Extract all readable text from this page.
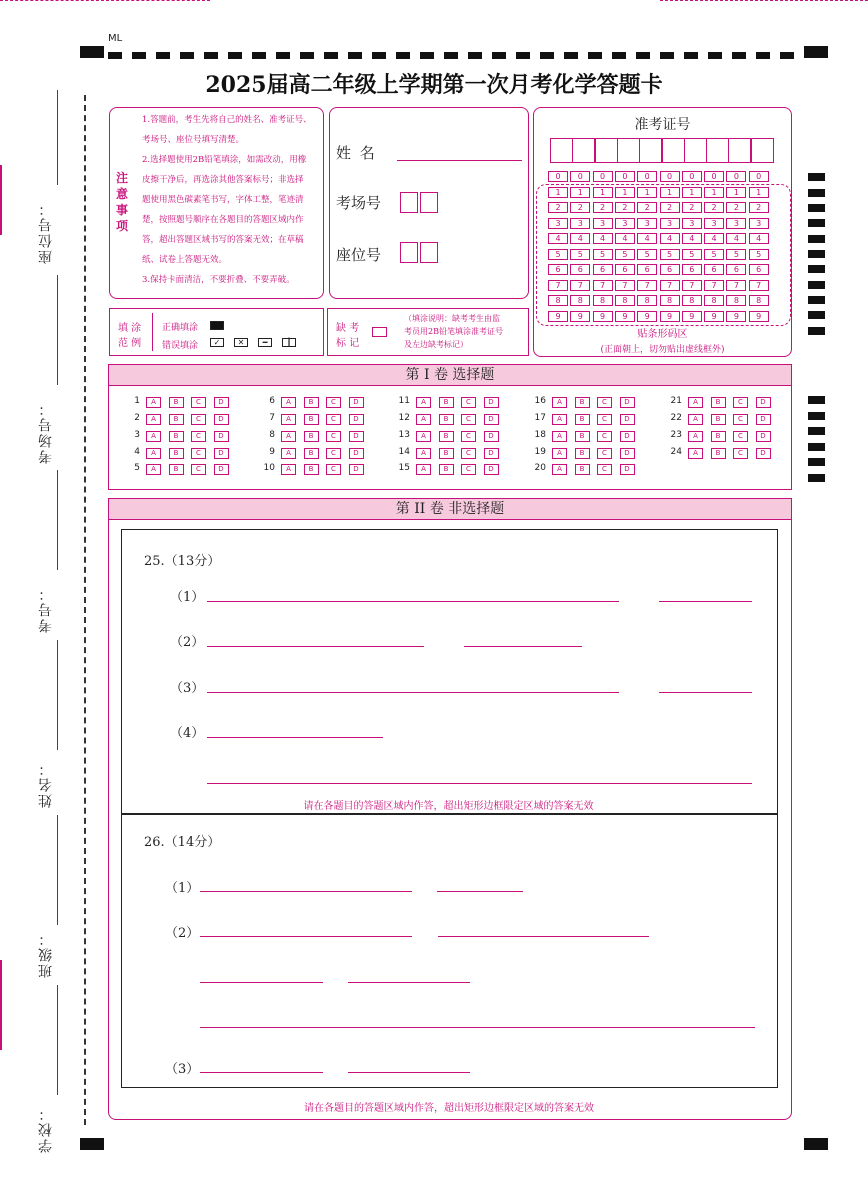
ML
2025届高二年级上学期第一次月考化学答题卡
座位号：
考场号：
考号：
姓名：
班级：
学校：
注意事项
1.答题前，考生先将自己的姓名、准考证号、
考场号、座位号填写清楚。
2.选择题使用2B铅笔填涂，如需改动，用橡
皮擦干净后，再选涂其他答案标号；非选择
题使用黑色碳素笔书写，字体工整，笔迹清
楚，按照题号顺序在各题目的答题区域内作
答，超出答题区域书写的答案无效；在草稿
纸、试卷上答题无效。
3.保持卡面清洁，不要折叠、不要弄破。
姓 名
考场号
座位号
准考证号
贴条形码区
(正面朝上，切勿贴出虚线框外)
0	0	0	0	0	0	0	0	0	0
1	1	1	1	1	1	1	1	1	1
2	2	2	2	2	2	2	2	2	2
3	3	3	3	3	3	3	3	3	3
4	4	4	4	4	4	4	4	4	4
5	5	5	5	5	5	5	5	5	5
6	6	6	6	6	6	6	6	6	6
7	7	7	7	7	7	7	7	7	7
8	8	8	8	8	8	8	8	8	8
9	9	9	9	9	9	9	9	9	9
填 涂
范 例
正确填涂
错误填涂	✓	✕	━	┃
缺 考
标 记
（填涂说明：缺考考生由监
考员用2B铅笔填涂准考证号
及左边缺考标记）
第 I 卷 选择题
1	A	B	C	D
2	A	B	C	D
3	A	B	C	D
4	A	B	C	D
5	A	B	C	D
6	A	B	C	D
7	A	B	C	D
8	A	B	C	D
9	A	B	C	D
10	A	B	C	D
11	A	B	C	D
12	A	B	C	D
13	A	B	C	D
14	A	B	C	D
15	A	B	C	D
16	A	B	C	D
17	A	B	C	D
18	A	B	C	D
19	A	B	C	D
20	A	B	C	D
21	A	B	C	D
22	A	B	C	D
23	A	B	C	D
24	A	B	C	D
第 II 卷 非选择题
25.（13分）
（1）
（2）
（3）
（4）
请在各题目的答题区域内作答，超出矩形边框限定区域的答案无效
26.（14分）
（1）
（2）
（3）
请在各题目的答题区域内作答，超出矩形边框限定区域的答案无效
